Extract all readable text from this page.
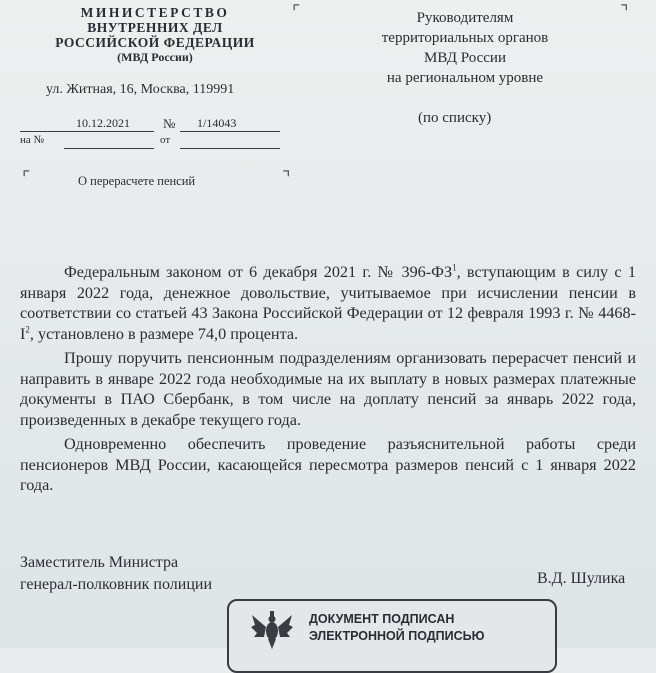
МИНИСТЕРСТВО
ВНУТРЕННИХ ДЕЛ
РОССИЙСКОЙ ФЕДЕРАЦИИ
(МВД России)
ул. Житная, 16, Москва, 119991
10.12.2021	№ 1/14043
на №	от
⌜	О перерасчете пенсий	⌝
⌜	⌝
Руководителям
территориальных органов
МВД России
на региональном уровне
(по списку)

Федеральным законом от 6 декабря 2021 г. № $396-ФЗ^1$, вступающим в силу с 1 января 2022 года, денежное довольствие, учитываемое при исчислении пенсии в соответствии со статьей 43 Закона Российской Федерации от 12 февраля 1993 г. № $4468-I^2$, установлено в размере 74,0 процента.

Прошу поручить пенсионным подразделениям организовать перерасчет пенсий и направить в январе 2022 года необходимые на их выплату в новых размерах платежные документы в ПАО Сбербанк, в том числе на доплату пенсий за январь 2022 года, произведенных в декабре текущего года.

Одновременно обеспечить проведение разъяснительной работы среди пенсионеров МВД России, касающейся пересмотра размеров пенсий с 1 января 2022 года.

Заместитель Министра
генерал-полковник полиции	В.Д. Шулика
ДОКУМЕНТ ПОДПИСАН
ЭЛЕКТРОННОЙ ПОДПИСЬЮ
